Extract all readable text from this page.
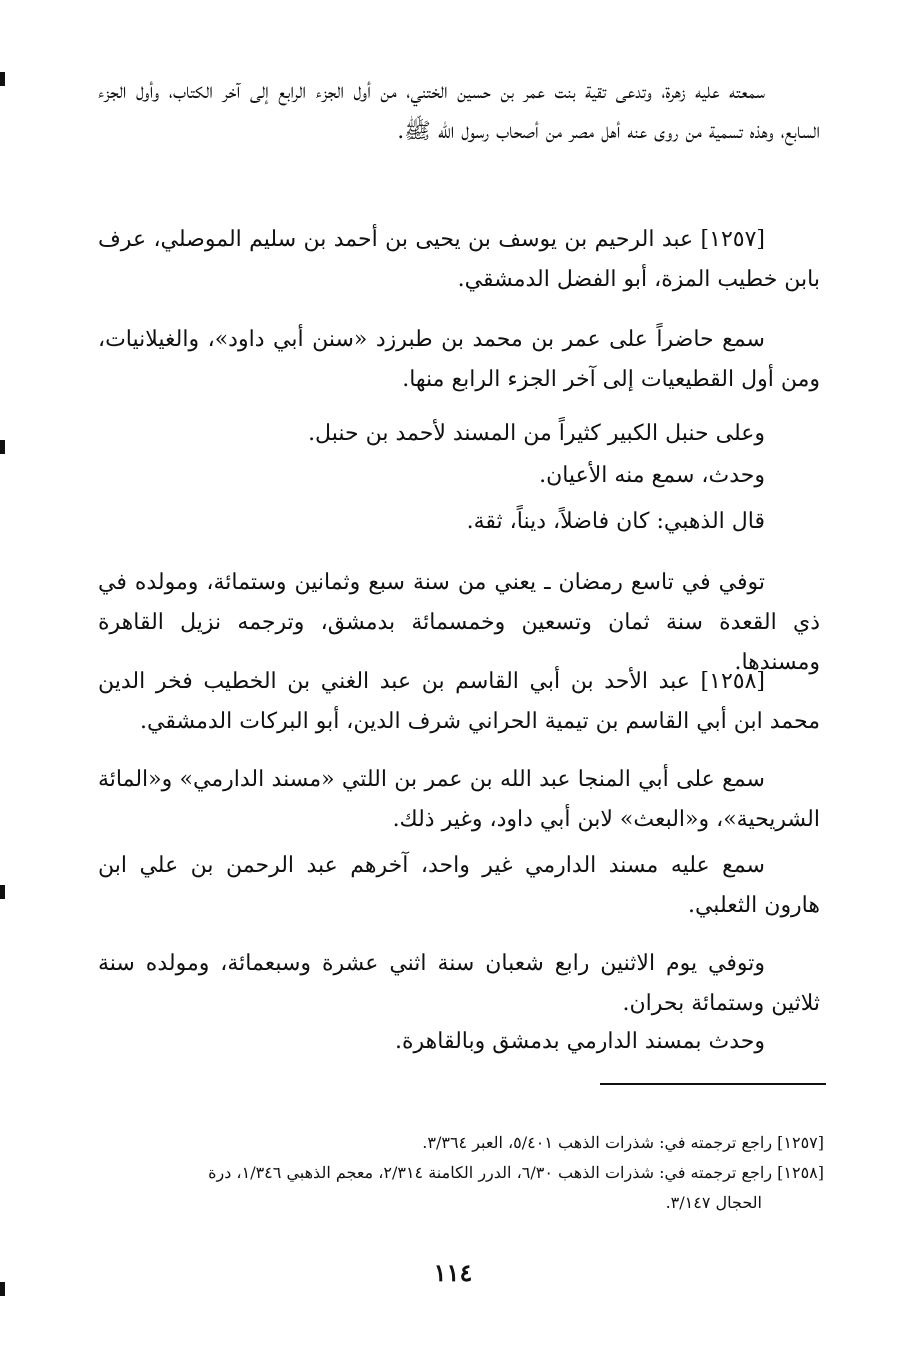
سمعته عليه زهرة، وتدعى تقية بنت عمر بن حسين الختني، من أول الجزء الرابع إلى آخر الكتاب، وأول الجزء السابع، وهذه تسمية من روى عنه أهل مصر من أصحاب رسول الله ﷺ.

[١٢٥٧] عبد الرحيم بن يوسف بن يحيى بن أحمد بن سليم الموصلي، عرف بابن خطيب المزة، أبو الفضل الدمشقي.

سمع حاضراً على عمر بن محمد بن طبرزد «سنن أبي داود»، والغيلانيات، ومن أول القطيعيات إلى آخر الجزء الرابع منها.

وعلى حنبل الكبير كثيراً من المسند لأحمد بن حنبل.

وحدث، سمع منه الأعيان.

قال الذهبي: كان فاضلاً، ديناً، ثقة.

توفي في تاسع رمضان ـ يعني من سنة سبع وثمانين وستمائة، ومولده في ذي القعدة سنة ثمان وتسعين وخمسمائة بدمشق، وترجمه نزيل القاهرة ومسندها.

[١٢٥٨] عبد الأحد بن أبي القاسم بن عبد الغني بن الخطيب فخر الدين محمد ابن أبي القاسم بن تيمية الحراني شرف الدين، أبو البركات الدمشقي.

سمع على أبي المنجا عبد الله بن عمر بن اللتي «مسند الدارمي» و«المائة الشريحية»، و«البعث» لابن أبي داود، وغير ذلك.

سمع عليه مسند الدارمي غير واحد، آخرهم عبد الرحمن بن علي ابن هارون الثعلبي.

وتوفي يوم الاثنين رابع شعبان سنة اثني عشرة وسبعمائة، ومولده سنة ثلاثين وستمائة بحران.

وحدث بمسند الدارمي بدمشق وبالقاهرة.

[١٢٥٧] راجع ترجمته في: شذرات الذهب ٥/٤٠١، العبر ٣/٣٦٤.

[١٢٥٨] راجع ترجمته في: شذرات الذهب ٦/٣٠، الدرر الكامنة ٢/٣١٤، معجم الذهبي ١/٣٤٦، درة

الحجال ٣/١٤٧.

١١٤
